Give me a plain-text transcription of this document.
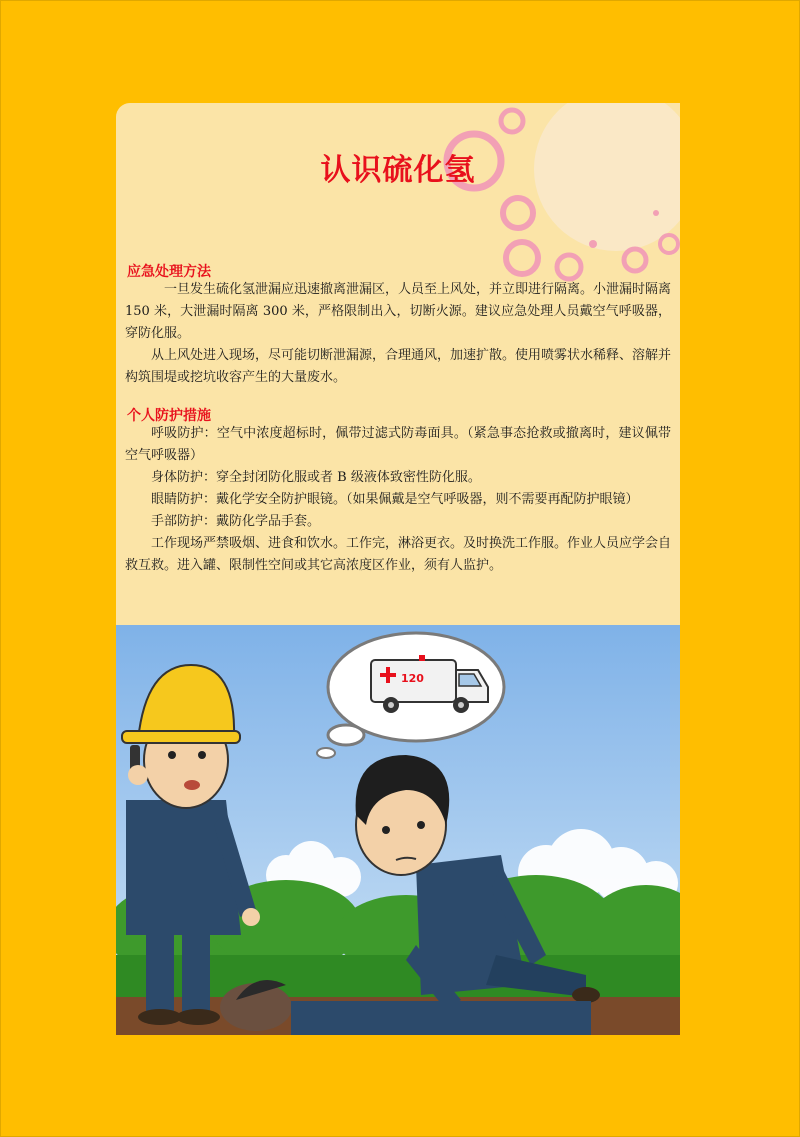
认识硫化氢
应急处理方法
一旦发生硫化氢泄漏应迅速撤离泄漏区，人员至上风处，并立即进行隔离。小泄漏时隔离 150 米，大泄漏时隔离 300 米，严格限制出入，切断火源。建议应急处理人员戴空气呼吸器，穿防化服。
从上风处进入现场，尽可能切断泄漏源，合理通风，加速扩散。使用喷雾状水稀释、溶解并构筑围堤或挖坑收容产生的大量废水。
个人防护措施
呼吸防护：空气中浓度超标时，佩带过滤式防毒面具。（紧急事态抢救或撤离时，建议佩带空气呼吸器）
身体防护：穿全封闭防化服或者 B 级液体致密性防化服。
眼睛防护：戴化学安全防护眼镜。（如果佩戴是空气呼吸器，则不需要再配防护眼镜）
手部防护：戴防化学品手套。
工作现场严禁吸烟、进食和饮水。工作完，淋浴更衣。及时换洗工作服。作业人员应学会自救互救。进入罐、限制性空间或其它高浓度区作业，须有人监护。
120
